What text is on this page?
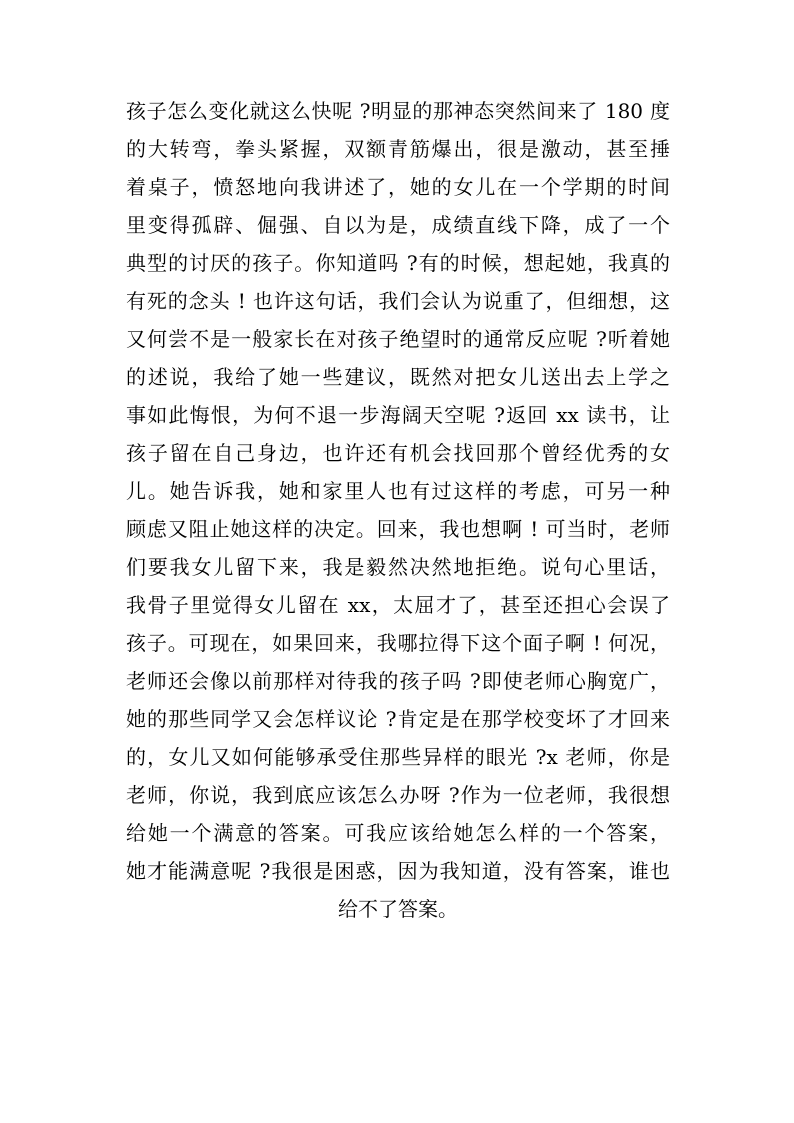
孩子怎么变化就这么快呢 ?明显的那神态突然间来了 180 度
的大转弯，拳头紧握，双额青筋爆出，很是激动，甚至捶
着桌子，愤怒地向我讲述了，她的女儿在一个学期的时间
里变得孤辟、倔强、自以为是，成绩直线下降，成了一个
典型的讨厌的孩子。你知道吗 ?有的时候，想起她，我真的
有死的念头 ! 也许这句话，我们会认为说重了，但细想，这
又何尝不是一般家长在对孩子绝望时的通常反应呢 ?听着她
的述说，我给了她一些建议，既然对把女儿送出去上学之
事如此悔恨，为何不退一步海阔天空呢 ?返回 xx 读书，让
孩子留在自己身边，也许还有机会找回那个曾经优秀的女
儿。她告诉我，她和家里人也有过这样的考虑，可另一种
顾虑又阻止她这样的决定。回来，我也想啊 ! 可当时，老师
们要我女儿留下来，我是毅然决然地拒绝。说句心里话，
我骨子里觉得女儿留在 xx，太屈才了，甚至还担心会误了
孩子。可现在，如果回来，我哪拉得下这个面子啊 ! 何况，
老师还会像以前那样对待我的孩子吗 ?即使老师心胸宽广，
她的那些同学又会怎样议论 ?肯定是在那学校变坏了才回来
的，女儿又如何能够承受住那些异样的眼光 ?x 老师，你是
老师，你说，我到底应该怎么办呀 ?作为一位老师，我很想
给她一个满意的答案。可我应该给她怎么样的一个答案，
她才能满意呢 ?我很是困惑，因为我知道，没有答案，谁也
给不了答案。
